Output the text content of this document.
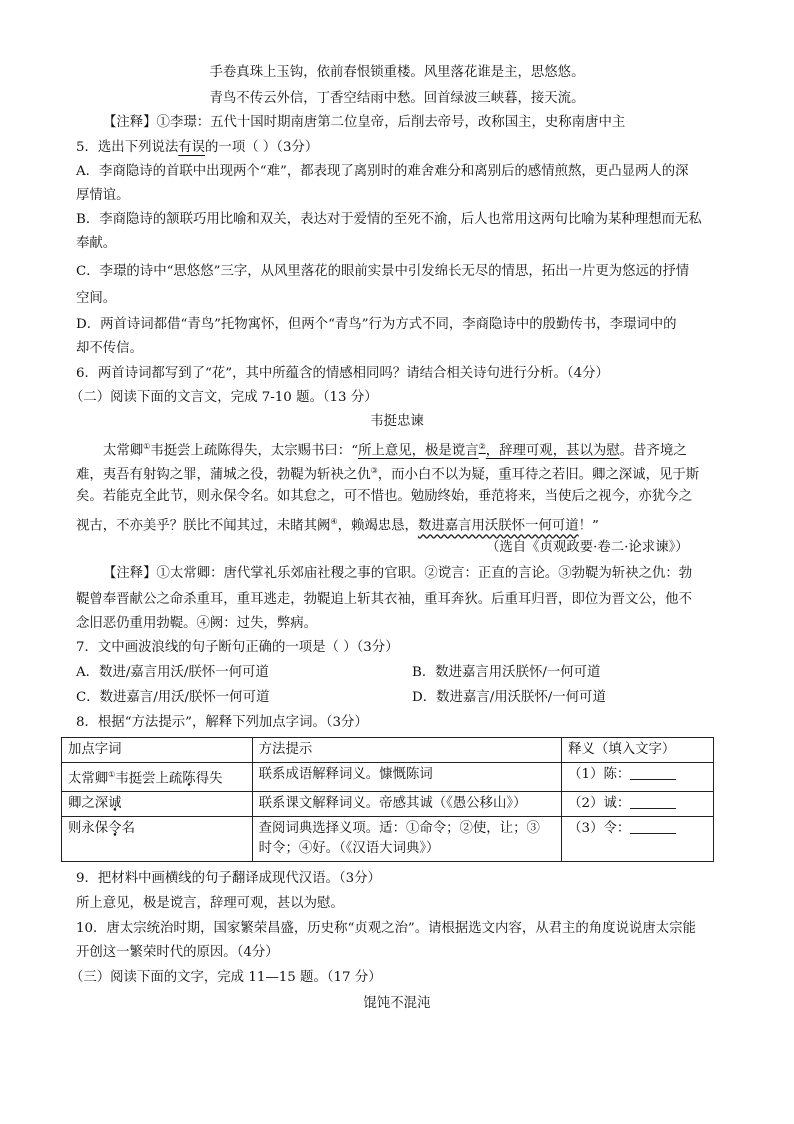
手卷真珠上玉钩，依前春恨锁重楼。风里落花谁是主，思悠悠。
青鸟不传云外信，丁香空结雨中愁。回首绿波三峡暮，接天流。
【注释】①李璟：五代十国时期南唐第二位皇帝，后削去帝号，改称国主，史称南唐中主
5．选出下列说法有误的一项（ ）（3分）
A．李商隐诗的首联中出现两个“难”，都表现了离别时的难舍难分和离别后的感情煎熬，更凸显两人的深
厚情谊。
B．李商隐诗的颔联巧用比喻和双关，表达对于爱情的至死不渝，后人也常用这两句比喻为某种理想而无私
奉献。
C．李璟的诗中“思悠悠”三字，从风里落花的眼前实景中引发绵长无尽的情思，拓出一片更为悠远的抒情
空间。
D．两首诗词都借“青鸟”托物寓怀，但两个“青鸟”行为方式不同，李商隐诗中的殷勤传书，李璟词中的
却不传信。
6．两首诗词都写到了“花”，其中所蕴含的情感相同吗？请结合相关诗句进行分析。（4分）
（二）阅读下面的文言文，完成 7-10 题。（13 分）
韦挺忠谏
太常卿①韦挺尝上疏陈得失，太宗赐书曰：“所上意见，极是谠言②，辞理可观，甚以为慰。昔齐境之
难，夷吾有射钩之罪，蒲城之役，勃鞮为斩袂之仇③，而小白不以为疑，重耳待之若旧。卿之深诚，见于斯
矣。若能克全此节，则永保令名。如其怠之，可不惜也。勉励终始，垂范将来，当使后之视今，亦犹今之
视古，不亦美乎？朕比不闻其过，未睹其阙④，赖竭忠恳，数进嘉言用沃朕怀一何可道！”
（选自《贞观政要·卷二·论求谏》）
【注释】①太常卿：唐代掌礼乐郊庙社稷之事的官职。②谠言：正直的言论。③勃鞮为斩袂之仇：勃
鞮曾奉晋献公之命杀重耳，重耳逃走，勃鞮追上斩其衣袖，重耳奔狄。后重耳归晋，即位为晋文公，他不
念旧恶仍重用勃鞮。④阙：过失，弊病。
7．文中画波浪线的句子断句正确的一项是（ ）（3分）
A．数进/嘉言用沃/朕怀一何可道	B．数进嘉言用沃朕怀/一何可道
C．数进嘉言/用沃/朕怀一何可道	D．数进嘉言/用沃朕怀/一何可道
8．根据“方法提示”，解释下列加点字词。（3分）
加点字词	方法提示	释义（填入文字）
太常卿①韦挺尝上疏陈得失	联系成语解释词义。慷慨陈词	（1）陈：
卿之深诚	联系课文解释词义。帝感其诚（《愚公移山》）	（2）诚：
则永保令名	查阅词典选择义项。适：①命令；②使，让；③
时令；④好。（《汉语大词典》）	（3）令：
9．把材料中画横线的句子翻译成现代汉语。（3分）
所上意见，极是谠言，辞理可观，甚以为慰。
10．唐太宗统治时期，国家繁荣昌盛，历史称“贞观之治”。请根据选文内容，从君主的角度说说唐太宗能
开创这一繁荣时代的原因。（4分）
（三）阅读下面的文字，完成 11—15 题。（17 分）
馄饨不混沌
